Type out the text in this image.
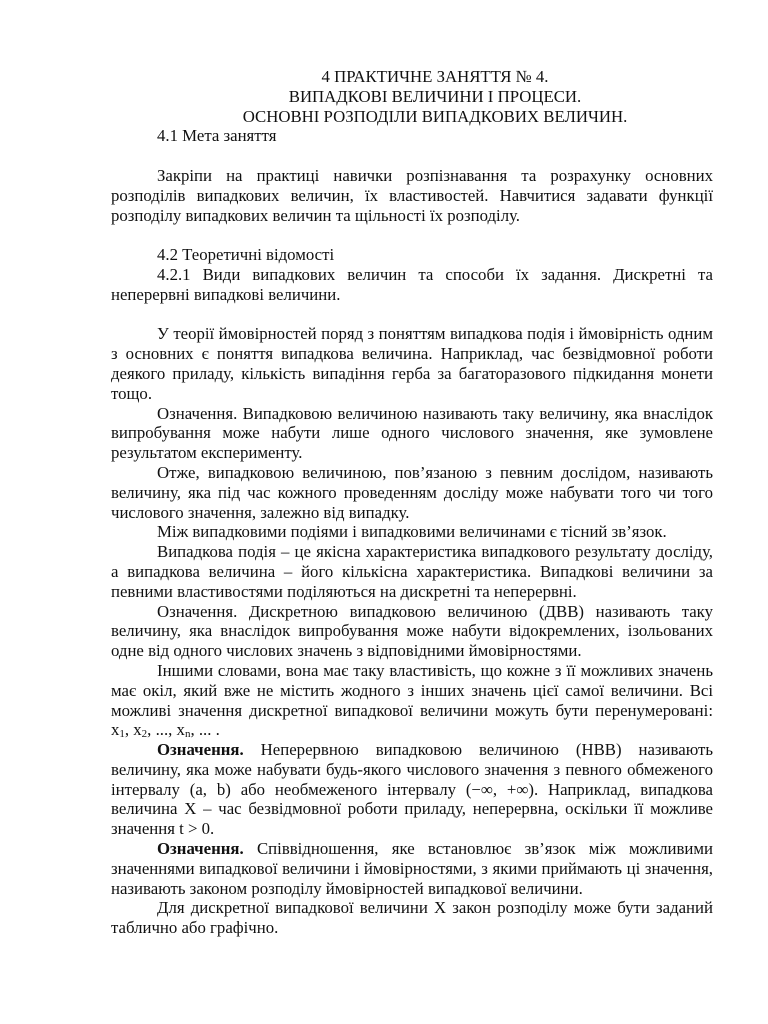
4 ПРАКТИЧНЕ ЗАНЯТТЯ № 4.
ВИПАДКОВІ ВЕЛИЧИНИ І ПРОЦЕСИ.
ОСНОВНІ РОЗПОДІЛИ ВИПАДКОВИХ ВЕЛИЧИН.
4.1 Мета заняття

Закріпи на практиці навички розпізнавання та розрахунку основних розподілів випадкових величин, їх властивостей. Навчитися задавати функції розподілу випадкових величин та щільності їх розподілу.

4.2 Теоретичні відомості

4.2.1 Види випадкових величин та способи їх задання. Дискретні та неперервні випадкові величини.

У теорії ймовірностей поряд з поняттям випадкова подія і ймовірність одним з основних є поняття випадкова величина. Наприклад, час безвідмовної роботи деякого приладу, кількість випадіння герба за багаторазового підкидання монети тощо.

Означення. Випадковою величиною називають таку величину, яка внаслідок випробування може набути лише одного числового значення, яке зумовлене результатом експерименту.

Отже, випадковою величиною, пов’язаною з певним дослідом, називають величину, яка під час кожного проведенням досліду може набувати того чи того числового значення, залежно від випадку.

Між випадковими подіями і випадковими величинами є тісний зв’язок.

Випадкова подія – це якісна характеристика випадкового результату досліду, а випадкова величина – його кількісна характеристика. Випадкові величини за певними властивостями поділяються на дискретні та неперервні.

Означення. Дискретною випадковою величиною (ДВВ) називають таку величину, яка внаслідок випробування може набути відокремлених, ізольованих одне від одного числових значень з відповідними ймовірностями.

Іншими словами, вона має таку властивість, що кожне з її можливих значень має окіл, який вже не містить жодного з інших значень цієї самої величини. Всі можливі значення дискретної випадкової величини можуть бути перенумеровані: $x_1$, $x_2$, ..., $x_n$, ... .

Означення. Неперервною випадковою величиною (НВВ) називають величину, яка може набувати будь-якого числового значення з певного обмеженого інтервалу (a, b) або необмеженого інтервалу (−∞, +∞). Наприклад, випадкова величина X – час безвідмовної роботи приладу, неперервна, оскільки її можливе значення t > 0.

Означення. Співвідношення, яке встановлює зв’язок між можливими значеннями випадкової величини і ймовірностями, з якими приймають ці значення, називають законом розподілу ймовірностей випадкової величини.

Для дискретної випадкової величини X закон розподілу може бути заданий таблично або графічно.
